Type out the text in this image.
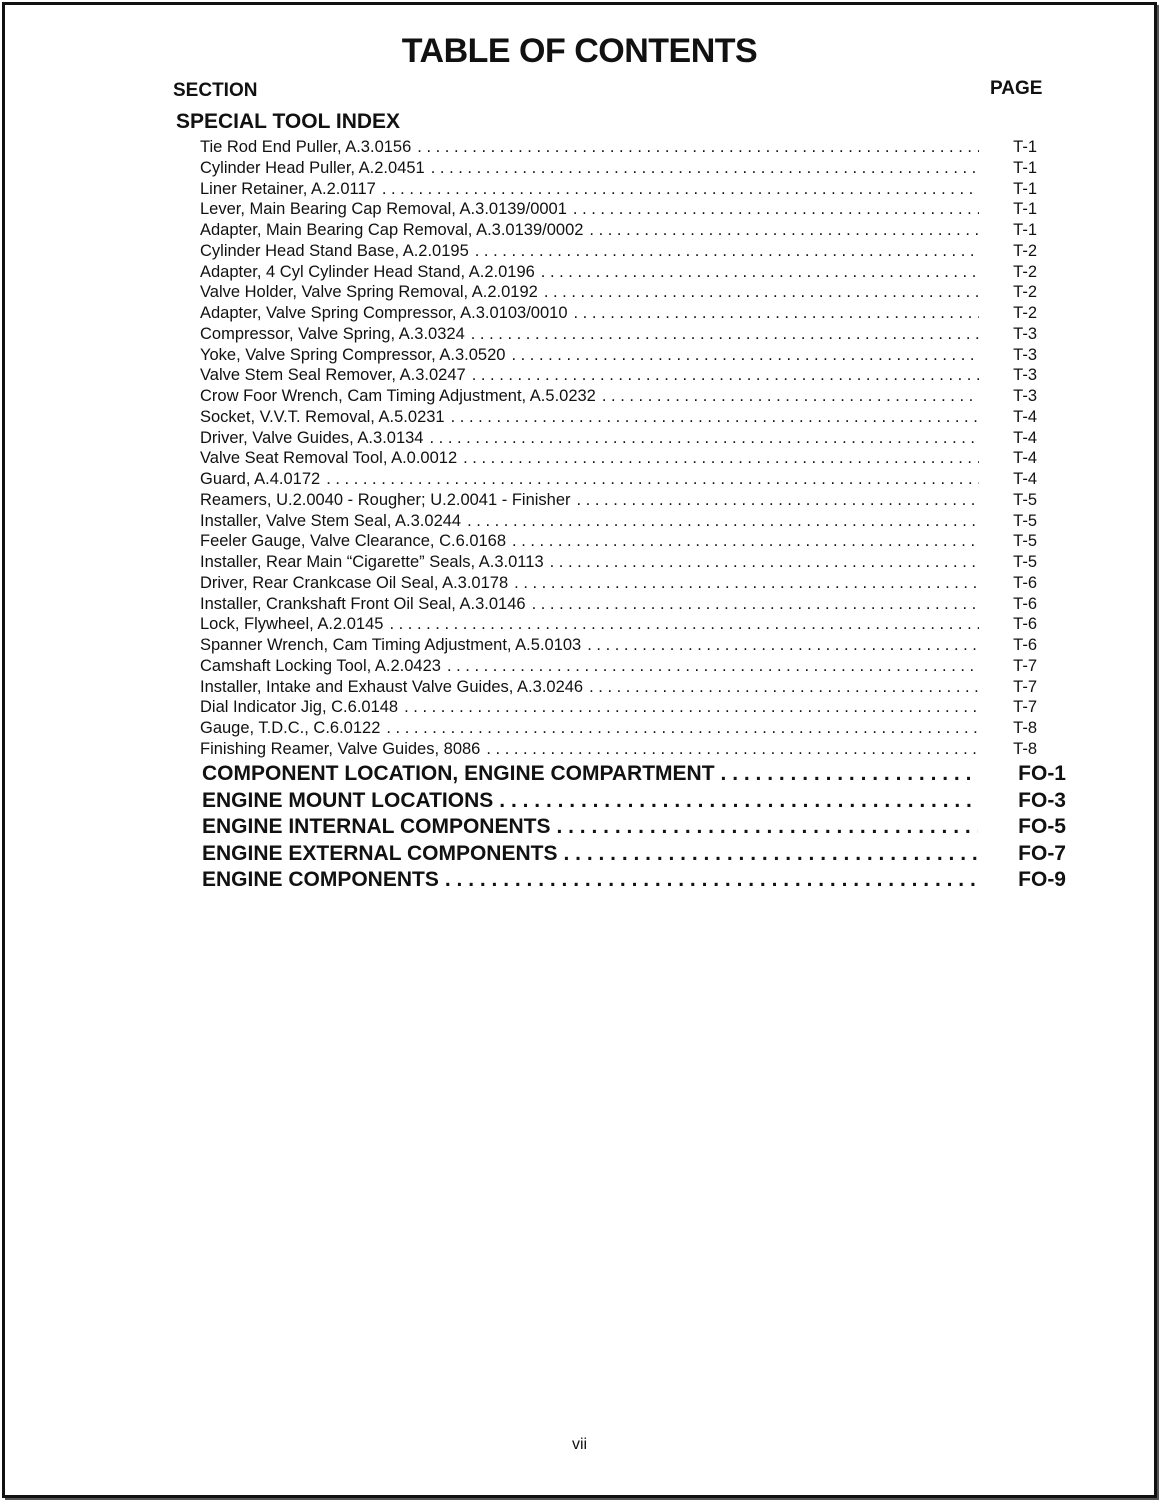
TABLE OF CONTENTS
SECTION	PAGE
SPECIAL TOOL INDEX
Tie Rod End Puller, A.3.0156 . . .	T-1
Cylinder Head Puller, A.2.0451 . . .	T-1
Liner Retainer, A.2.0117 . . .	T-1
Lever, Main Bearing Cap Removal, A.3.0139/0001 . . .	T-1
Adapter, Main Bearing Cap Removal, A.3.0139/0002 . . .	T-1
Cylinder Head Stand Base, A.2.0195 . . .	T-2
Adapter, 4 Cyl Cylinder Head Stand, A.2.0196 . . .	T-2
Valve Holder, Valve Spring Removal, A.2.0192 . . .	T-2
Adapter, Valve Spring Compressor, A.3.0103/0010 . . .	T-2
Compressor, Valve Spring, A.3.0324 . . .	T-3
Yoke, Valve Spring Compressor, A.3.0520 . . .	T-3
Valve Stem Seal Remover, A.3.0247 . . .	T-3
Crow Foor Wrench, Cam Timing Adjustment, A.5.0232 . . .	T-3
Socket, V.V.T. Removal, A.5.0231 . . .	T-4
Driver, Valve Guides, A.3.0134 . . .	T-4
Valve Seat Removal Tool, A.0.0012 . . .	T-4
Guard, A.4.0172 . . .	T-4
Reamers, U.2.0040 - Rougher; U.2.0041 - Finisher . . .	T-5
Installer, Valve Stem Seal, A.3.0244 . . .	T-5
Feeler Gauge, Valve Clearance, C.6.0168 . . .	T-5
Installer, Rear Main “Cigarette” Seals, A.3.0113 . . .	T-5
Driver, Rear Crankcase Oil Seal, A.3.0178 . . .	T-6
Installer, Crankshaft Front Oil Seal, A.3.0146 . . .	T-6
Lock, Flywheel, A.2.0145 . . .	T-6
Spanner Wrench, Cam Timing Adjustment, A.5.0103 . . .	T-6
Camshaft Locking Tool, A.2.0423 . . .	T-7
Installer, Intake and Exhaust Valve Guides, A.3.0246 . . .	T-7
Dial Indicator Jig, C.6.0148 . . .	T-7
Gauge, T.D.C., C.6.0122 . . .	T-8
Finishing Reamer, Valve Guides, 8086 . . .	T-8
COMPONENT LOCATION, ENGINE COMPARTMENT . . .	FO-1
ENGINE MOUNT LOCATIONS . . .	FO-3
ENGINE INTERNAL COMPONENTS . . .	FO-5
ENGINE EXTERNAL COMPONENTS . . .	FO-7
ENGINE COMPONENTS . . .	FO-9
vii
